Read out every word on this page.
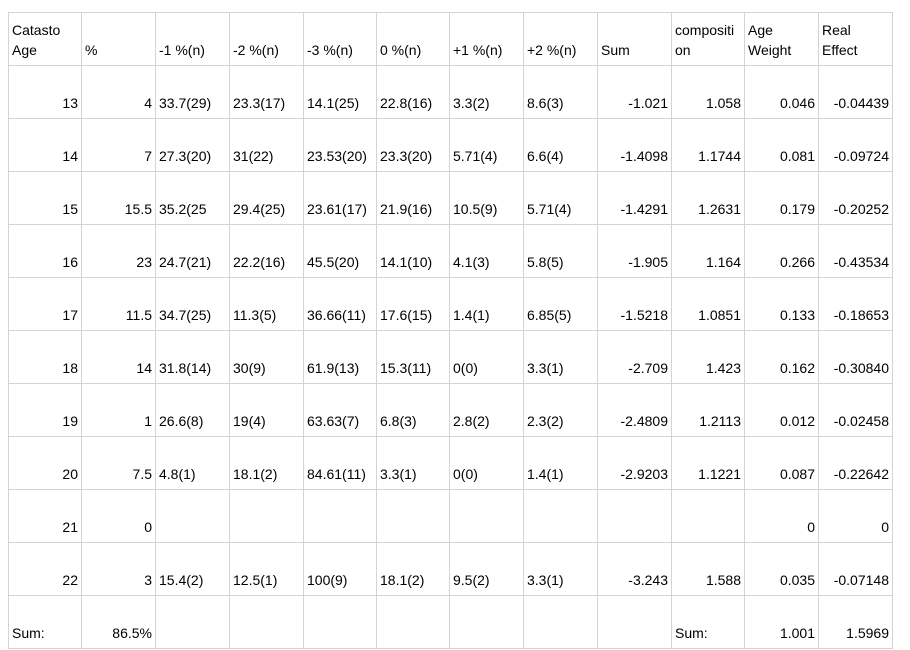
Catasto Age	%	-1 %(n)	-2 %(n)	-3 %(n)	0 %(n)	+1 %(n)	+2 %(n)	Sum	compositi on	Age Weight	Real Effect
13	4	33.7(29)	23.3(17)	14.1(25)	22.8(16)	3.3(2)	8.6(3)	-1.021	1.058	0.046	-0.04439
14	7	27.3(20)	31(22)	23.53(20)	23.3(20)	5.71(4)	6.6(4)	-1.4098	1.1744	0.081	-0.09724
15	15.5	35.2(25	29.4(25)	23.61(17)	21.9(16)	10.5(9)	5.71(4)	-1.4291	1.2631	0.179	-0.20252
16	23	24.7(21)	22.2(16)	45.5(20)	14.1(10)	4.1(3)	5.8(5)	-1.905	1.164	0.266	-0.43534
17	11.5	34.7(25)	11.3(5)	36.66(11)	17.6(15)	1.4(1)	6.85(5)	-1.5218	1.0851	0.133	-0.18653
18	14	31.8(14)	30(9)	61.9(13)	15.3(11)	0(0)	3.3(1)	-2.709	1.423	0.162	-0.30840
19	1	26.6(8)	19(4)	63.63(7)	6.8(3)	2.8(2)	2.3(2)	-2.4809	1.2113	0.012	-0.02458
20	7.5	4.8(1)	18.1(2)	84.61(11)	3.3(1)	0(0)	1.4(1)	-2.9203	1.1221	0.087	-0.22642
21	0									0	0
22	3	15.4(2)	12.5(1)	100(9)	18.1(2)	9.5(2)	3.3(1)	-3.243	1.588	0.035	-0.07148
Sum:	86.5%								Sum:	1.001	1.5969
